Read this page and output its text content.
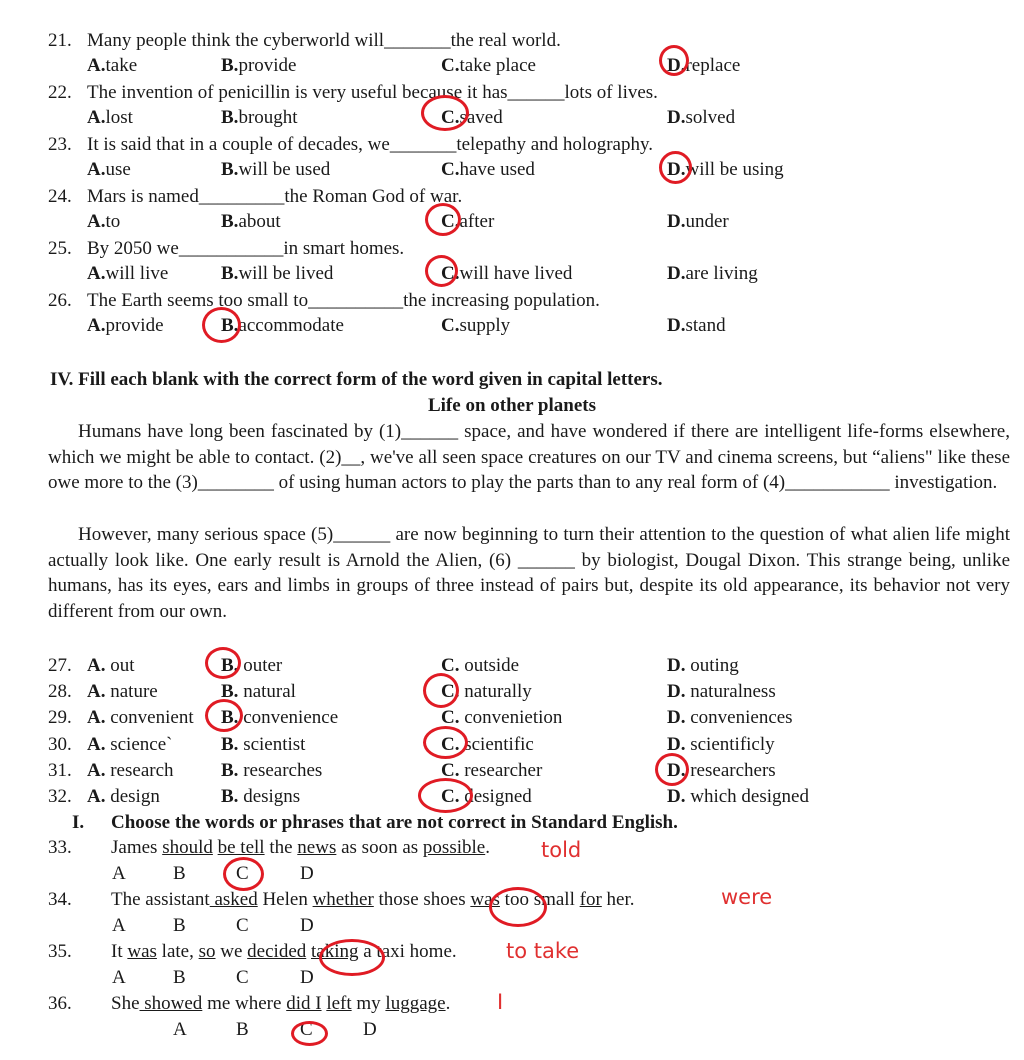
21. Many people think the cyberworld will_______the real world.
A.take	B.provide	C.take place	D.replace
22. The invention of penicillin is very useful because it has______lots of lives.
A.lost	B.brought	C.saved	D.solved
23. It is said that in a couple of decades, we_______telepathy and holography.
A.use	B.will be used	C.have used	D.will be using
24. Mars is named_________the Roman God of war.
A.to	B.about	C.after	D.under
25. By 2050 we___________in smart homes.
A.will live	B.will be lived	C.will have lived	D.are living
26. The Earth seems too small to__________the increasing population.
A.provide	B.accommodate	C.supply	D.stand
IV. Fill each blank with the correct form of the word given in capital letters.
Life on other planets
Humans have long been fascinated by (1)______ space, and have wondered if there are intelligent life-forms elsewhere, which we might be able to contact. (2)__, we've all seen space creatures on our TV and cinema screens, but “aliens" like these owe more to the (3)________ of using human actors to play the parts than to any real form of (4)___________ investigation.
However, many serious space (5)______ are now beginning to turn their attention to the question of what alien life might actually look like. One early result is Arnold the Alien, (6) ______ by biologist, Dougal Dixon. This strange being, unlike humans, has its eyes, ears and limbs in groups of three instead of pairs but, despite its old appearance, its behavior not very different from our own.
27. A. out	B. outer	C. outside	D. outing
28. A. nature	B. natural	C. naturally	D. naturalness
29. A. convenient B. convenience	C. convenietion	D. conveniences
30. A. science`	B. scientist	C. scientific	D. scientificly
31. A. research B. researches	C. researcher	D. researchers
32. A. design	B. designs	C. designed	D. which designed
I. Choose the words or phrases that are not correct in Standard English.
33. James should be tell the news as soon as possible.
A B	C	D
told
34. The assistant asked Helen whether those shoes was too small for her.
A B	C	D
were
35. It was late, so we decided taking a taxi home.
A B	C	D
to take
36. She showed me where did I left my luggage.
A	B	C	D
I
